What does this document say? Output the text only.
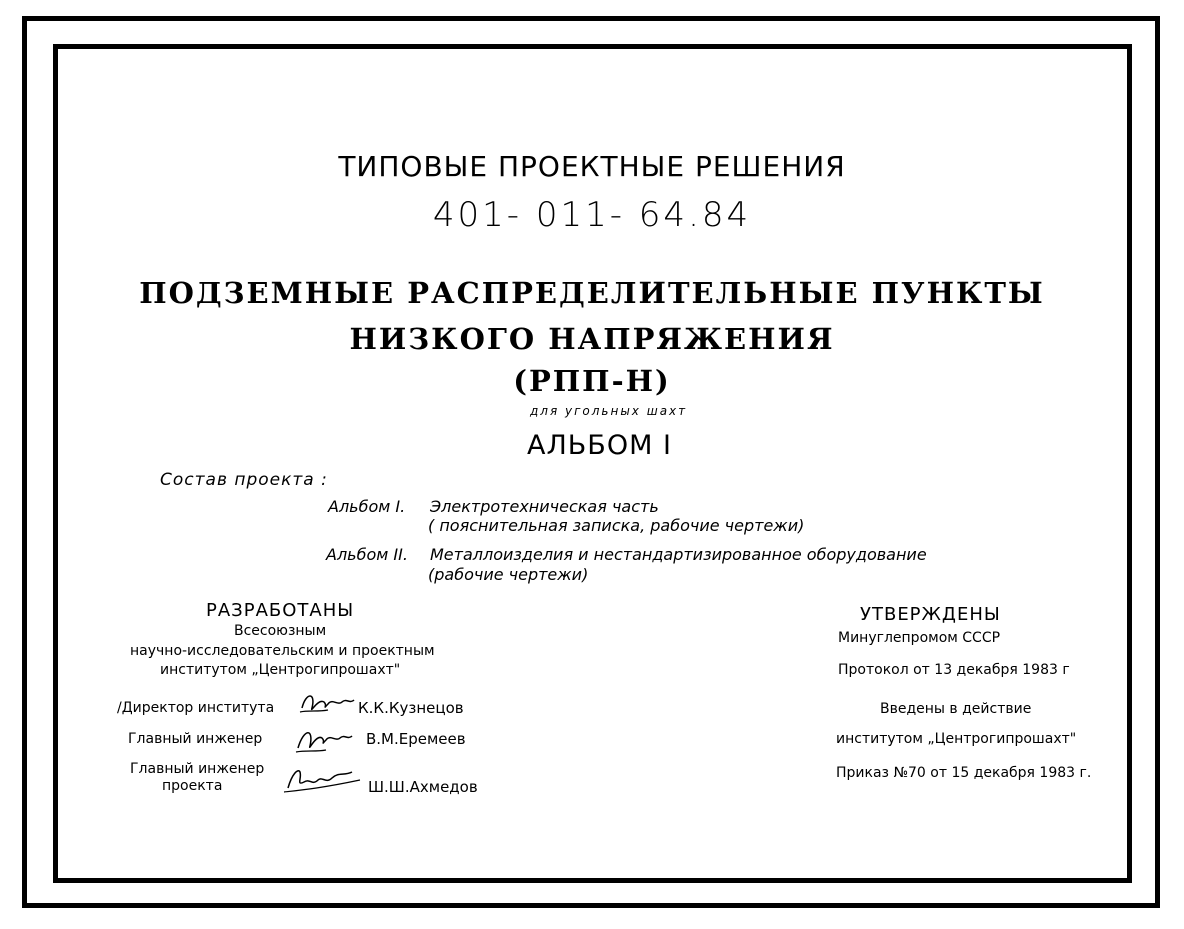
ТИПОВЫЕ ПРОЕКТНЫЕ РЕШЕНИЯ
401- 011- 64.84
ПОДЗЕМНЫЕ РАСПРЕДЕЛИТЕЛЬНЫЕ ПУНКТЫ
НИЗКОГО НАПРЯЖЕНИЯ
(РПП-Н)
для угольных шахт
АЛЬБОМ I
Состав проекта :
Альбом I. Электротехническая часть
( пояснительная записка, рабочие чертежи)
Альбом II. Металлоизделия и нестандартизированное оборудование
(рабочие чертежи)
РАЗРАБОТАНЫ
Всесоюзным
научно-исследовательским и проектным
институтом „Центрогипрошахт"
/Директор института	К.К.Кузнецов
Главный инженер	В.М.Еремеев
Главный инженер
проекта	Ш.Ш.Ахмедов
УТВЕРЖДЕНЫ
Минуглепромом СССР
Протокол от 13 декабря 1983 г
Введены в действие
институтом „Центрогипрошахт"
Приказ №70 от 15 декабря 1983 г.
